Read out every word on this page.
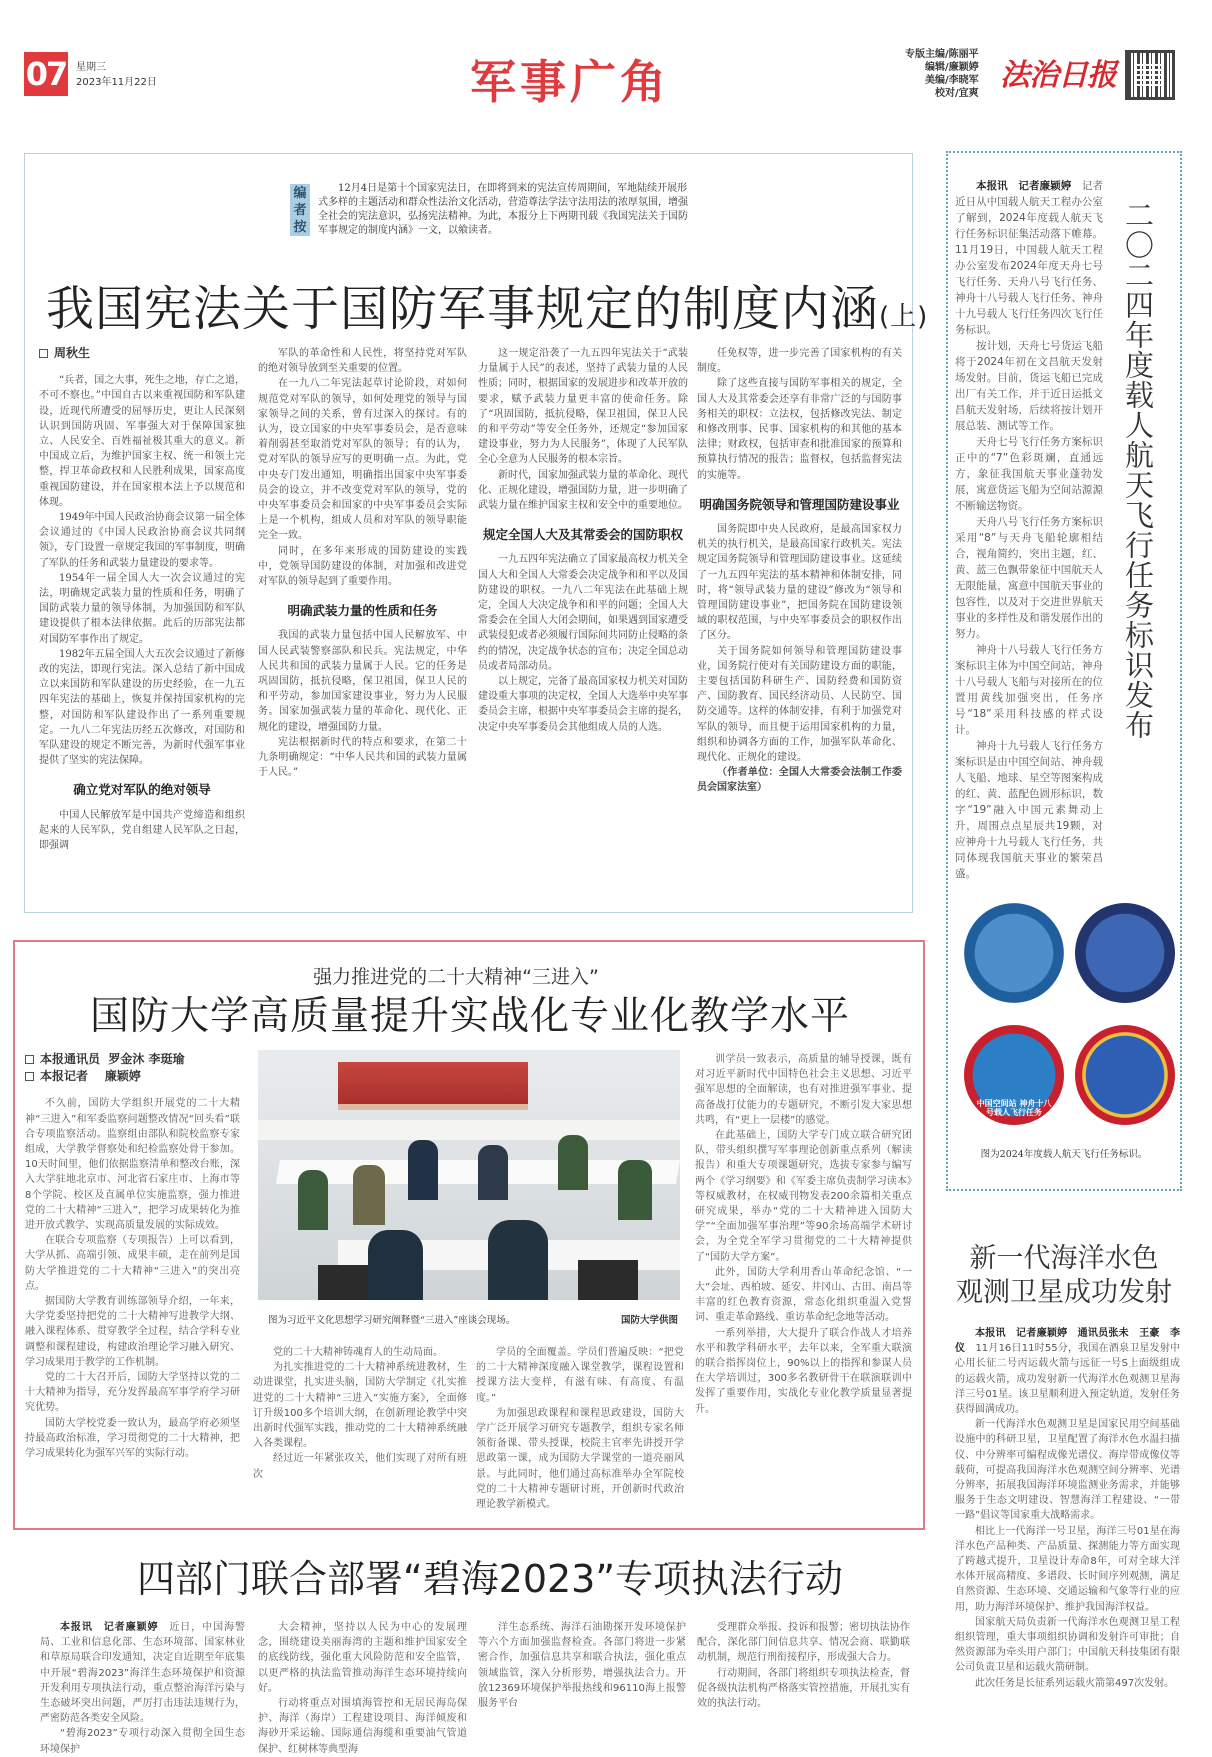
07 星期三
2023年11月22日	军事广角
专版主编/陈丽平
编辑/廉颖婷
美编/李晓军
校对/宜爽
法治日报
编者按
12月4日是第十个国家宪法日，在即将到来的宪法宣传周期间，军地陆续开展形式多样的主题活动和群众性法治文化活动，营造尊法学法守法用法的浓厚氛围，增强全社会的宪法意识，弘扬宪法精神。为此，本报分上下两期刊载《我国宪法关于国防军事规定的制度内涵》一文，以飨读者。
我国宪法关于国防军事规定的制度内涵(上)
周秋生

“兵者，国之大事，死生之地，存亡之道，不可不察也。”中国自古以来重视国防和军队建设，近现代所遭受的屈辱历史，更让人民深刻认识到国防巩固、军事强大对于保障国家独立、人民安全、百姓福祉极其重大的意义。新中国成立后，为维护国家主权、统一和领土完整，捍卫革命政权和人民胜利成果，国家高度重视国防建设，并在国家根本法上予以规范和体现。

1949年中国人民政治协商会议第一届全体会议通过的《中国人民政治协商会议共同纲领》，专门设置一章规定我国的军事制度，明确了军队的任务和武装力量建设的要求等。

1954年一届全国人大一次会议通过的宪法，明确规定武装力量的性质和任务，明确了国防武装力量的领导体制，为加强国防和军队建设提供了根本法律依据。此后的历部宪法都对国防军事作出了规定。

1982年五届全国人大五次会议通过了新修改的宪法，即现行宪法。深入总结了新中国成立以来国防和军队建设的历史经验，在一九五四年宪法的基础上，恢复并保持国家机构的完整，对国防和军队建设作出了一系列重要规定。一九八二年宪法历经五次修改，对国防和军队建设的规定不断完善，为新时代强军事业提供了坚实的宪法保障。

确立党对军队的绝对领导

中国人民解放军是中国共产党缔造和组织起来的人民军队，党自组建人民军队之日起，即强调

军队的革命性和人民性，将坚持党对军队的绝对领导放到至关重要的位置。

在一九八二年宪法起草讨论阶段，对如何规范党对军队的领导，如何处理党的领导与国家领导之间的关系，曾有过深入的探讨。有的认为，设立国家的中央军事委员会，是否意味着削弱甚至取消党对军队的领导；有的认为，党对军队的领导应写的更明确一点。为此，党中央专门发出通知，明确指出国家中央军事委员会的设立，并不改变党对军队的领导，党的中央军事委员会和国家的中央军事委员会实际上是一个机构，组成人员和对军队的领导职能完全一致。

同时，在多年来形成的国防建设的实践中，党领导国防建设的体制，对加强和改进党对军队的领导起到了重要作用。

明确武装力量的性质和任务

我国的武装力量包括中国人民解放军、中国人民武装警察部队和民兵。宪法规定，中华人民共和国的武装力量属于人民。它的任务是巩固国防，抵抗侵略，保卫祖国，保卫人民的和平劳动，参加国家建设事业，努力为人民服务。国家加强武装力量的革命化、现代化、正规化的建设，增强国防力量。

宪法根据新时代的特点和要求，在第二十九条明确规定：“中华人民共和国的武装力量属于人民。”

这一规定沿袭了一九五四年宪法关于“武装力量属于人民”的表述，坚持了武装力量的人民性质；同时，根据国家的发展进步和改革开放的要求，赋予武装力量更丰富的使命任务。除了“巩固国防，抵抗侵略，保卫祖国，保卫人民的和平劳动”等安全任务外，还规定“参加国家建设事业，努力为人民服务”，体现了人民军队全心全意为人民服务的根本宗旨。

新时代，国家加强武装力量的革命化、现代化、正规化建设，增强国防力量，进一步明确了武装力量在维护国家主权和安全中的重要地位。

规定全国人大及其常委会的国防职权

一九五四年宪法确立了国家最高权力机关全国人大和全国人大常委会决定战争和和平以及国防建设的职权。一九八二年宪法在此基础上规定，全国人大决定战争和和平的问题；全国人大常委会在全国人大闭会期间，如果遇到国家遭受武装侵犯或者必须履行国际间共同防止侵略的条约的情况，决定战争状态的宣布；决定全国总动员或者局部动员。

以上规定，完备了最高国家权力机关对国防建设重大事项的决定权，全国人大选举中央军事委员会主席，根据中央军事委员会主席的提名，决定中央军事委员会其他组成人员的人选。

任免权等，进一步完善了国家机构的有关制度。

除了这些直接与国防军事相关的规定，全国人大及其常委会还享有非常广泛的与国防事务相关的职权：立法权，包括修改宪法、制定和修改刑事、民事、国家机构的和其他的基本法律；财政权，包括审查和批准国家的预算和预算执行情况的报告；监督权，包括监督宪法的实施等。

明确国务院领导和管理国防建设事业

国务院即中央人民政府，是最高国家权力机关的执行机关，是最高国家行政机关。宪法规定国务院领导和管理国防建设事业。这延续了一九五四年宪法的基本精神和体制安排，同时，将“领导武装力量的建设”修改为“领导和管理国防建设事业”，把国务院在国防建设领域的职权范围，与中央军事委员会的职权作出了区分。

关于国务院如何领导和管理国防建设事业，国务院行使对有关国防建设方面的职能，主要包括国防科研生产、国防经费和国防资产、国防教育、国民经济动员、人民防空、国防交通等。这样的体制安排，有利于加强党对军队的领导，而且便于运用国家机构的力量，组织和协调各方面的工作，加强军队革命化、现代化、正规化的建设。

（作者单位：全国人大常委会法制工作委员会国家法室）

强力推进党的二十大精神“三进入”
国防大学高质量提升实战化专业化教学水平
本报通讯员 罗金沐 李珽瑜
本报记者 廉颖婷

不久前，国防大学组织开展党的二十大精神“三进入”和军委监察问题整改情况“回头看”联合专项监察活动。监察组由部队和院校监察专家组成，大学教学督察处和纪检监察处骨干参加。10天时间里，他们依据监察清单和整改台账，深入大学驻地北京市、河北省石家庄市、上海市等8个学院、校区及直属单位实施监察，强力推进党的二十大精神“三进入”，把学习成果转化为推进开放式教学、实现高质量发展的实际成效。

在联合专项监察（专项报告）上可以看到，大学从抓、高端引领、成果丰硕，走在前列是国防大学推进党的二十大精神“三进入”的突出亮点。

据国防大学教育训练部领导介绍，一年来，大学党委坚持把党的二十大精神写进教学大纲、融入课程体系、贯穿教学全过程，结合学科专业调整和课程建设，构建政治理论学习融入研究、学习成果用于教学的工作机制。

党的二十大召开后，国防大学坚持以党的二十大精神为指导，充分发挥最高军事学府学习研究优势。

国防大学校党委一致认为，最高学府必须坚持最高政治标准，学习贯彻党的二十大精神，把学习成果转化为强军兴军的实际行动。

图为习近平文化思想学习研究阐释暨“三进入”座谈会现场。	国防大学供图

党的二十大精神铸魂育人的生动局面。

为扎实推进党的二十大精神系统进教材，生动进课堂，扎实进头脑，国防大学制定《扎实推进党的二十大精神“三进入”实施方案》，全面修订升级100多个培训大纲，在创新理论教学中突出新时代强军实践，推动党的二十大精神系统融入各类课程。

经过近一年紧张攻关，他们实现了对所有班次

学员的全面覆盖。学员们普遍反映：“把党的二十大精神深度融入课堂教学，课程设置和授课方法大变样，有滋有味、有高度、有温度。”

为加强思政课程和课程思政建设，国防大学广泛开展学习研究专题教学，组织专家名师领衔备课、带头授课，校院主官率先讲授开学思政第一课，成为国防大学课堂的一道亮丽风景。与此同时，他们通过高标准举办全军院校党的二十大精神专题研讨班，开创新时代政治理论教学新模式。

训学员一致表示，高质量的辅导授课，既有对习近平新时代中国特色社会主义思想、习近平强军思想的全面解读，也有对推进强军事业、提高备战打仗能力的专题研究，不断引发大家思想共鸣，有“更上一层楼”的感觉。

在此基础上，国防大学专门成立联合研究团队，带头组织撰写军事理论创新重点系列（解读报告）和重大专项课题研究，选拔专家参与编写两个《学习纲要》和《军委主席负责制学习读本》等权威教材，在权威刊物发表200余篇相关重点研究成果，举办“党的二十大精神进入国防大学”“全面加强军事治理”等90余场高端学术研讨会，为全党全军学习贯彻党的二十大精神提供了“国防大学方案”。

此外，国防大学利用香山革命纪念馆、“一大”会址、西柏坡、延安、井冈山、古田、南昌等丰富的红色教育资源，常态化组织重温入党誓词、重走革命路线、重访革命纪念地等活动。

一系列举措，大大提升了联合作战人才培养水平和教学科研水平，去年以来，全军重大联演的联合指挥岗位上，90%以上的指挥和参谋人员在大学培训过，300多名教研骨干在联演联训中发挥了重要作用，实战化专业化教学质量显著提升。

本报讯　记者廉颖婷　 记者近日从中国载人航天工程办公室了解到，2024年度载人航天飞行任务标识征集活动落下帷幕。11月19日，中国载人航天工程办公室发布2024年度天舟七号飞行任务、天舟八号飞行任务、神舟十八号载人飞行任务、神舟十九号载人飞行任务四次飞行任务标识。

按计划，天舟七号货运飞船将于2024年初在文昌航天发射场发射。目前，货运飞船已完成出厂有关工作，并于近日运抵文昌航天发射场，后续将按计划开展总装、测试等工作。

天舟七号飞行任务方案标识正中的“7”色彩斑斓，直通远方，象征我国航天事业蓬勃发展，寓意货运飞船为空间站源源不断输送物资。

天舟八号飞行任务方案标识采用“8”与天舟飞船轮廓相结合，视角简约，突出主题，红、黄、蓝三色飘带象征中国航天人无限能量，寓意中国航天事业的包容性，以及对于交进世界航天事业的多样性及和谐发展作出的努力。

神舟十八号载人飞行任务方案标识主体为中国空间站，神舟十八号载人飞船与对接所在的位置用黄线加强突出，任务序号“18”采用科技感的样式设计。

神舟十九号载人飞行任务方案标识是由中国空间站、神舟载人飞船、地球、星空等图案构成的红、黄、蓝配色圆形标识，数字“19”融入中国元素舞动上升，周围点点星辰共19颗，对应神舟十九号载人飞行任务，共同体现我国航天事业的繁荣昌盛。

二〇二四年度载人航天飞行任务标识发布
中国空间站 神舟十八号载人飞行任务
图为2024年度载人航天飞行任务标识。
新一代海洋水色
观测卫星成功发射

本报讯　记者廉颖婷　通讯员张未　王豪　李仪　 11月16日11时55分，我国在酒泉卫星发射中心用长征二号丙运载火箭与远征一号S上面级组成的运载火箭，成功发射新一代海洋水色观测卫星海洋三号01星。该卫星顺利进入预定轨道，发射任务获得圆满成功。

新一代海洋水色观测卫星是国家民用空间基础设施中的科研卫星，卫星配置了海洋水色水温扫描仪、中分辨率可编程成像光谱仪、海岸带成像仪等载荷，可提高我国海洋水色观测空间分辨率、光谱分辨率，拓展我国海洋环境监测业务需求，并能够服务于生态文明建设、智慧海洋工程建设、“一带一路”倡议等国家重大战略需求。

相比上一代海洋一号卫星，海洋三号01星在海洋水色产品种类、产品质量、探测能力等方面实现了跨越式提升，卫星设计寿命8年，可对全球大洋水体开展高精度、多谱段、长时间序列观测，满足自然资源、生态环境、交通运输和气象等行业的应用，助力海洋环境保护、维护我国海洋权益。

国家航天局负责新一代海洋水色观测卫星工程组织管理，重大事项组织协调和发射许可审批；自然资源部为牵头用户部门；中国航天科技集团有限公司负责卫星和运载火箭研制。

此次任务是长征系列运载火箭第497次发射。

四部门联合部署“碧海2023”专项执法行动

本报讯　记者廉颖婷　 近日，中国海警局、工业和信息化部、生态环境部、国家林业和草原局联合印发通知，决定自近期至年底集中开展“碧海2023”海洋生态环境保护和资源开发利用专项执法行动，重点整治海洋污染与生态破坏突出问题，严厉打击违法违规行为，严密防范各类安全风险。

“碧海2023”专项行动深入贯彻全国生态环境保护

大会精神，坚持以人民为中心的发展理念，围绕建设美丽海湾的主题和维护国家安全的底线防线，强化重大风险防范和安全监管，以更严格的执法监管推动海洋生态环境持续向好。

行动将重点对围填海管控和无居民海岛保护、海洋（海岸）工程建设项目、海洋倾废和海砂开采运输、国际通信海缆和重要油气管道保护、红树林等典型海

洋生态系统、海洋石油勘探开发环境保护等六个方面加强监督检查。各部门将进一步紧密合作，加强信息共享和联合执法，强化重点领域监管，深入分析形势，增强执法合力。开放12369环境保护举报热线和96110海上报警服务平台

受理群众举报、投诉和报警；密切执法协作配合，深化部门间信息共享、情况会商、联勤联动机制，规范行刑衔接程序，形成强大合力。

行动期间，各部门将组织专项执法检查，督促各级执法机构严格落实管控措施，开展扎实有效的执法行动。
